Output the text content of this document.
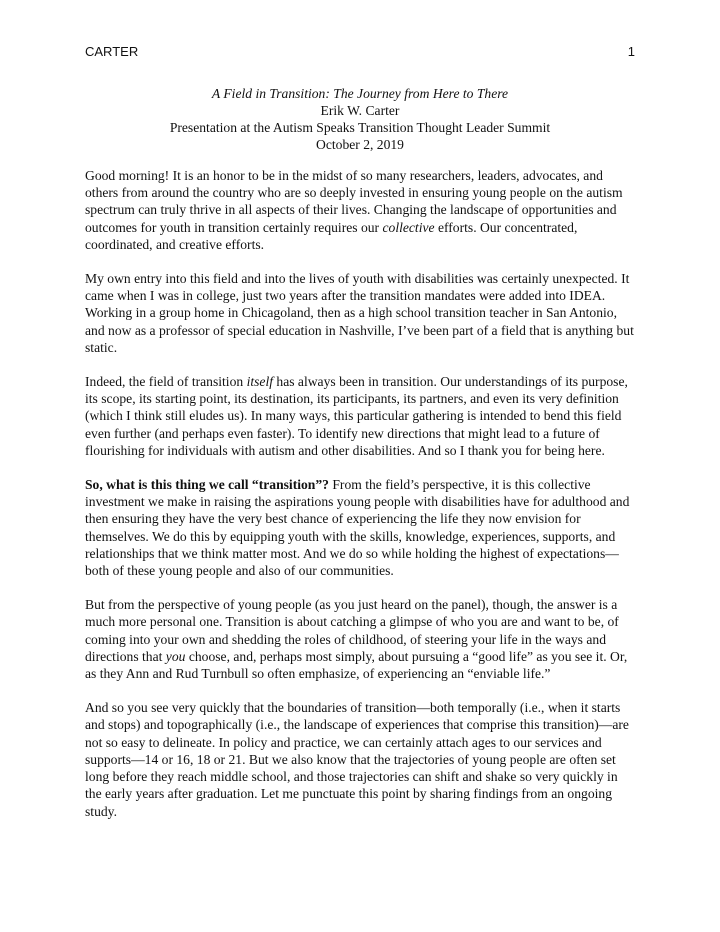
CARTER	1
A Field in Transition: The Journey from Here to There
Erik W. Carter
Presentation at the Autism Speaks Transition Thought Leader Summit
October 2, 2019

Good morning! It is an honor to be in the midst of so many researchers, leaders, advocates, and others from around the country who are so deeply invested in ensuring young people on the autism spectrum can truly thrive in all aspects of their lives. Changing the landscape of opportunities and outcomes for youth in transition certainly requires our collective efforts. Our concentrated, coordinated, and creative efforts.

My own entry into this field and into the lives of youth with disabilities was certainly unexpected. It came when I was in college, just two years after the transition mandates were added into IDEA. Working in a group home in Chicagoland, then as a high school transition teacher in San Antonio, and now as a professor of special education in Nashville, I’ve been part of a field that is anything but static.

Indeed, the field of transition itself has always been in transition. Our understandings of its purpose, its scope, its starting point, its destination, its participants, its partners, and even its very definition (which I think still eludes us). In many ways, this particular gathering is intended to bend this field even further (and perhaps even faster). To identify new directions that might lead to a future of flourishing for individuals with autism and other disabilities. And so I thank you for being here.

So, what is this thing we call “transition”? From the field’s perspective, it is this collective investment we make in raising the aspirations young people with disabilities have for adulthood and then ensuring they have the very best chance of experiencing the life they now envision for themselves. We do this by equipping youth with the skills, knowledge, experiences, supports, and relationships that we think matter most. And we do so while holding the highest of expectations—both of these young people and also of our communities.

But from the perspective of young people (as you just heard on the panel), though, the answer is a much more personal one. Transition is about catching a glimpse of who you are and want to be, of coming into your own and shedding the roles of childhood, of steering your life in the ways and directions that you choose, and, perhaps most simply, about pursuing a “good life” as you see it. Or, as they Ann and Rud Turnbull so often emphasize, of experiencing an “enviable life.”

And so you see very quickly that the boundaries of transition—both temporally (i.e., when it starts and stops) and topographically (i.e., the landscape of experiences that comprise this transition)—are not so easy to delineate. In policy and practice, we can certainly attach ages to our services and supports—14 or 16, 18 or 21. But we also know that the trajectories of young people are often set long before they reach middle school, and those trajectories can shift and shake so very quickly in the early years after graduation. Let me punctuate this point by sharing findings from an ongoing study.
